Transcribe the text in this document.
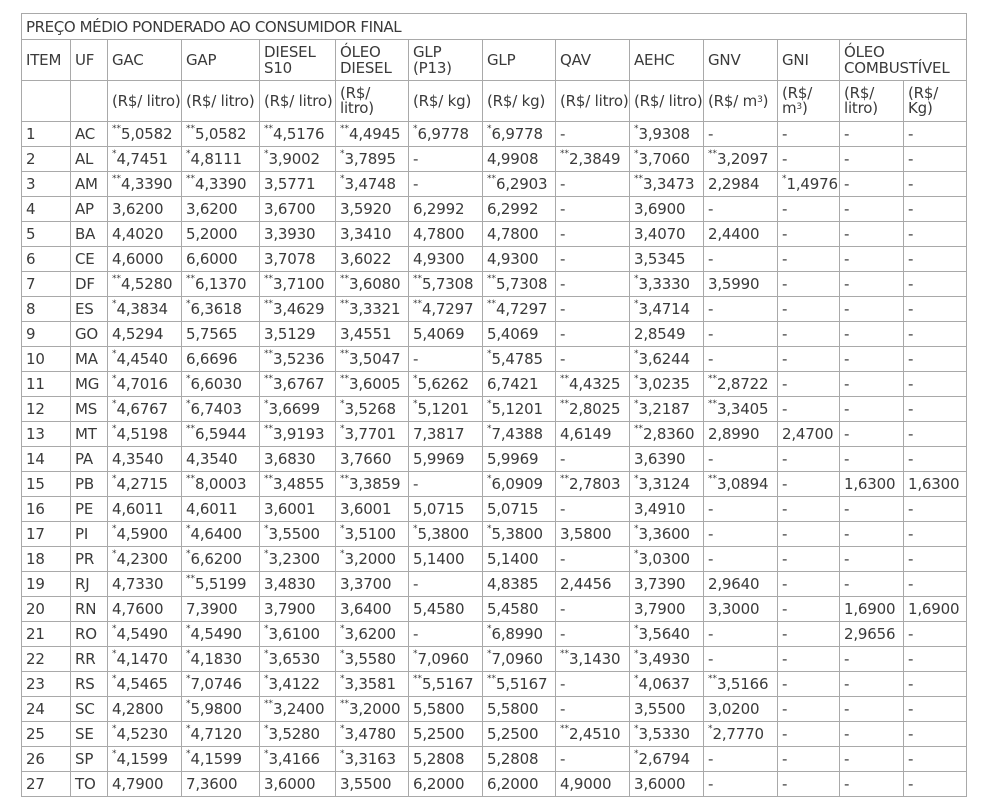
PREÇO MÉDIO PONDERADO AO CONSUMIDOR FINAL													
ITEM	UF	GAC	GAP	DIESEL S10	ÓLEO DIESEL	GLP (P13)	GLP	QAV	AEHC	GNV	GNI	ÓLEO COMBUSTÍVEL	
		(R$/ litro)	(R$/ litro)	(R$/ litro)	(R$/ litro)	(R$/ kg)	(R$/ kg)	(R$/ litro)	(R$/ litro)	(R$/ $m^3$)	(R$/ $m^3$)	(R$/ litro)	(R$/ Kg)
1	AC	**5,0582	**5,0582	**4,5176	**4,4945	*6,9778	*6,9778	-	*3,9308	-	-	-	-
2	AL	*4,7451	*4,8111	*3,9002	*3,7895	-	4,9908	**2,3849	*3,7060	**3,2097	-	-	-
3	AM	**4,3390	**4,3390	3,5771	*3,4748	-	**6,2903	-	**3,3473	2,2984	*1,4976	-	-
4	AP	3,6200	3,6200	3,6700	3,5920	6,2992	6,2992	-	3,6900	-	-	-	-
5	BA	4,4020	5,2000	3,3930	3,3410	4,7800	4,7800	-	3,4070	2,4400	-	-	-
6	CE	4,6000	6,6000	3,7078	3,6022	4,9300	4,9300	-	3,5345	-	-	-	-
7	DF	**4,5280	**6,1370	**3,7100	**3,6080	**5,7308	**5,7308	-	*3,3330	3,5990	-	-	-
8	ES	*4,3834	*6,3618	**3,4629	**3,3321	**4,7297	**4,7297	-	*3,4714	-	-	-	-
9	GO	4,5294	5,7565	3,5129	3,4551	5,4069	5,4069	-	2,8549	-	-	-	-
10	MA	*4,4540	6,6696	**3,5236	**3,5047	-	*5,4785	-	*3,6244	-	-	-	-
11	MG	*4,7016	*6,6030	**3,6767	**3,6005	*5,6262	6,7421	**4,4325	*3,0235	**2,8722	-	-	-
12	MS	*4,6767	*6,7403	*3,6699	*3,5268	*5,1201	*5,1201	**2,8025	*3,2187	**3,3405	-	-	-
13	MT	*4,5198	**6,5944	**3,9193	*3,7701	7,3817	*7,4388	4,6149	**2,8360	2,8990	2,4700	-	-
14	PA	4,3540	4,3540	3,6830	3,7660	5,9969	5,9969	-	3,6390	-	-	-	-
15	PB	*4,2715	**8,0003	**3,4855	**3,3859	-	*6,0909	**2,7803	*3,3124	**3,0894	-	1,6300	1,6300
16	PE	4,6011	4,6011	3,6001	3,6001	5,0715	5,0715	-	3,4910	-	-	-	-
17	PI	*4,5900	*4,6400	*3,5500	*3,5100	*5,3800	*5,3800	3,5800	*3,3600	-	-	-	-
18	PR	*4,2300	*6,6200	*3,2300	*3,2000	5,1400	5,1400	-	*3,0300	-	-	-	-
19	RJ	4,7330	**5,5199	3,4830	3,3700	-	4,8385	2,4456	3,7390	2,9640	-	-	-
20	RN	4,7600	7,3900	3,7900	3,6400	5,4580	5,4580	-	3,7900	3,3000	-	1,6900	1,6900
21	RO	*4,5490	*4,5490	*3,6100	*3,6200	-	*6,8990	-	*3,5640	-	-	2,9656	-
22	RR	*4,1470	*4,1830	*3,6530	*3,5580	*7,0960	*7,0960	**3,1430	*3,4930	-	-	-	-
23	RS	*4,5465	*7,0746	*3,4122	*3,3581	**5,5167	**5,5167	-	*4,0637	**3,5166	-	-	-
24	SC	4,2800	*5,9800	**3,2400	**3,2000	5,5800	5,5800	-	3,5500	3,0200	-	-	-
25	SE	*4,5230	*4,7120	*3,5280	*3,4780	5,2500	5,2500	**2,4510	*3,5330	*2,7770	-	-	-
26	SP	*4,1599	*4,1599	*3,4166	*3,3163	5,2808	5,2808	-	*2,6794	-	-	-	-
27	TO	4,7900	7,3600	3,6000	3,5500	6,2000	6,2000	4,9000	3,6000	-	-	-	-
